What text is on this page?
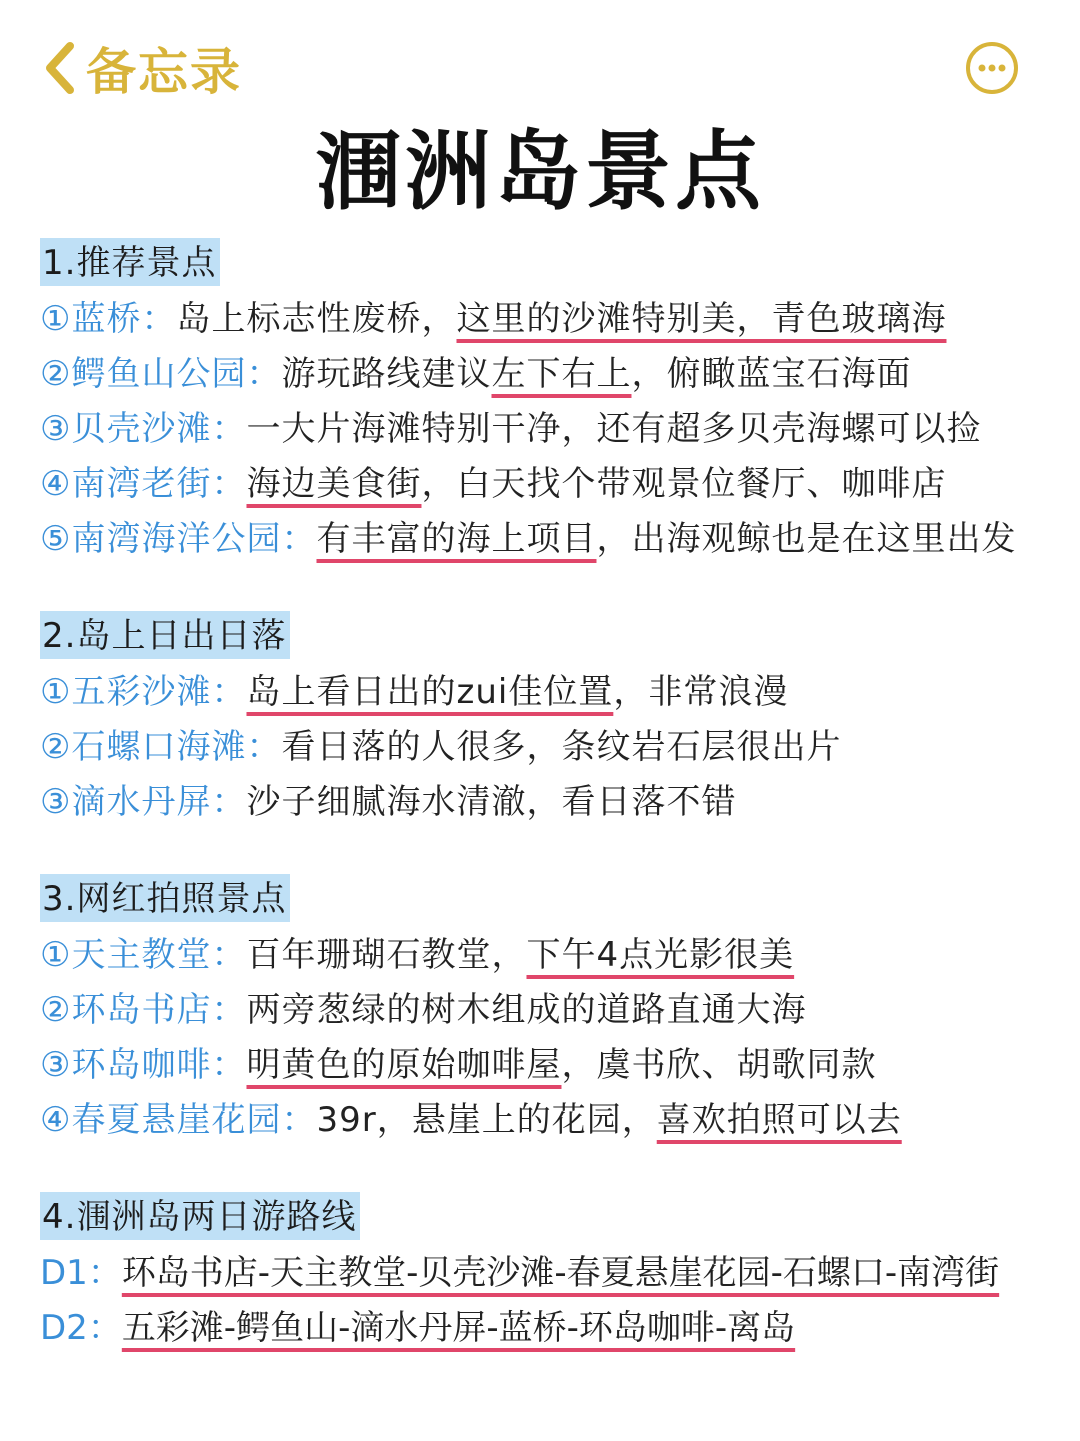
备忘录
涠洲岛景点
1.推荐景点
①蓝桥：岛上标志性废桥，这里的沙滩特别美，青色玻璃海
②鳄鱼山公园：游玩路线建议左下右上，俯瞰蓝宝石海面
③贝壳沙滩：一大片海滩特别干净，还有超多贝壳海螺可以捡
④南湾老街：海边美食街，白天找个带观景位餐厅、咖啡店
⑤南湾海洋公园：有丰富的海上项目，出海观鲸也是在这里出发
2.岛上日出日落
①五彩沙滩：岛上看日出的zui佳位置，非常浪漫
②石螺口海滩：看日落的人很多，条纹岩石层很出片
③滴水丹屏：沙子细腻海水清澈，看日落不错
3.网红拍照景点
①天主教堂：百年珊瑚石教堂，下午4点光影很美
②环岛书店：两旁葱绿的树木组成的道路直通大海
③环岛咖啡：明黄色的原始咖啡屋，虞书欣、胡歌同款
④春夏悬崖花园：39r，悬崖上的花园，喜欢拍照可以去
4.涠洲岛两日游路线
D1：环岛书店-天主教堂-贝壳沙滩-春夏悬崖花园-石螺口-南湾街
D2：五彩滩-鳄鱼山-滴水丹屏-蓝桥-环岛咖啡-离岛
